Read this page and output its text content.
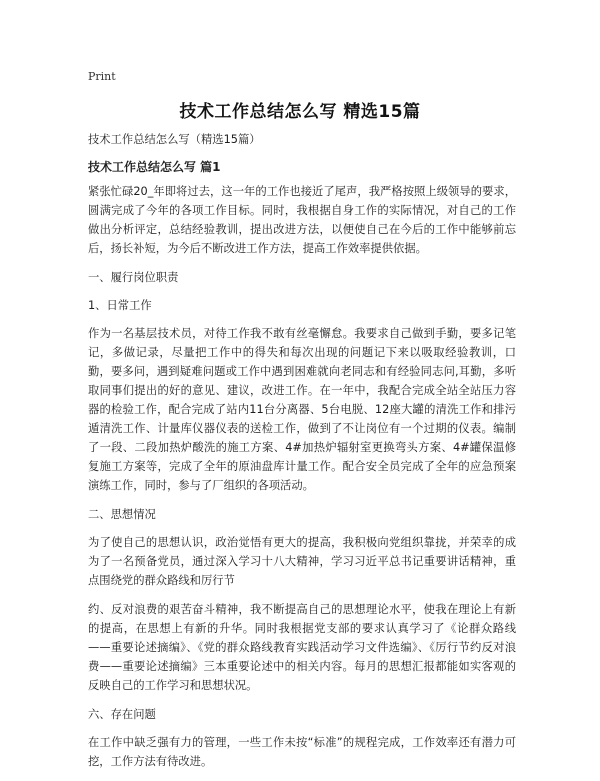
Print
技术工作总结怎么写 精选15篇

技术工作总结怎么写（精选15篇）

技术工作总结怎么写 篇1

紧张忙碌20_年即将过去，这一年的工作也接近了尾声，我严格按照上级领导的要求，圆满完成了今年的各项工作目标。同时，我根据自身工作的实际情况，对自己的工作做出分析评定，总结经验教训，提出改进方法，以便使自己在今后的工作中能够前忘后，扬长补短，为今后不断改进工作方法，提高工作效率提供依据。

一、履行岗位职责

1、日常工作

作为一名基层技术员，对待工作我不敢有丝毫懈怠。我要求自己做到手勤，要多记笔记，多做记录，尽量把工作中的得失和每次出现的问题记下来以吸取经验教训，口勤，要多问，遇到疑难问题或工作中遇到困难就向老同志和有经验同志问,耳勤，多听取同事们提出的好的意见、建议，改进工作。在一年中，我配合完成全站全站压力容器的检验工作，配合完成了站内11台分离器、5台电脱、12座大罐的清洗工作和排污遁清洗工作、计量库仪器仪表的送检工作，做到了不让岗位有一个过期的仪表。编制了一段、二段加热炉酸洗的施工方案、4#加热炉辐射室更换弯头方案、4#罐保温修复施工方案等，完成了全年的原油盘库计量工作。配合安全员完成了全年的应急预案演练工作，同时，参与了厂组织的各项活动。

二、思想情况

为了使自己的思想认识，政治觉悟有更大的提高，我积极向党组织靠拢，并荣幸的成为了一名预备党员，通过深入学习十八大精神，学习习近平总书记重要讲话精神，重点围绕党的群众路线和厉行节

约、反对浪费的艰苦奋斗精神，我不断提高自己的思想理论水平，使我在理论上有新的提高，在思想上有新的升华。同时我根据党支部的要求认真学习了《论群众路线——重要论述摘编》、《党的群众路线教育实践活动学习文件选编》、《厉行节约反对浪费——重要论述摘编》三本重要论述中的相关内容。每月的思想汇报都能如实客观的反映自己的工作学习和思想状况。

六、存在问题

在工作中缺乏强有力的管理，一些工作未按“标准”的规程完成，工作效率还有潜力可挖，工作方法有待改进。
